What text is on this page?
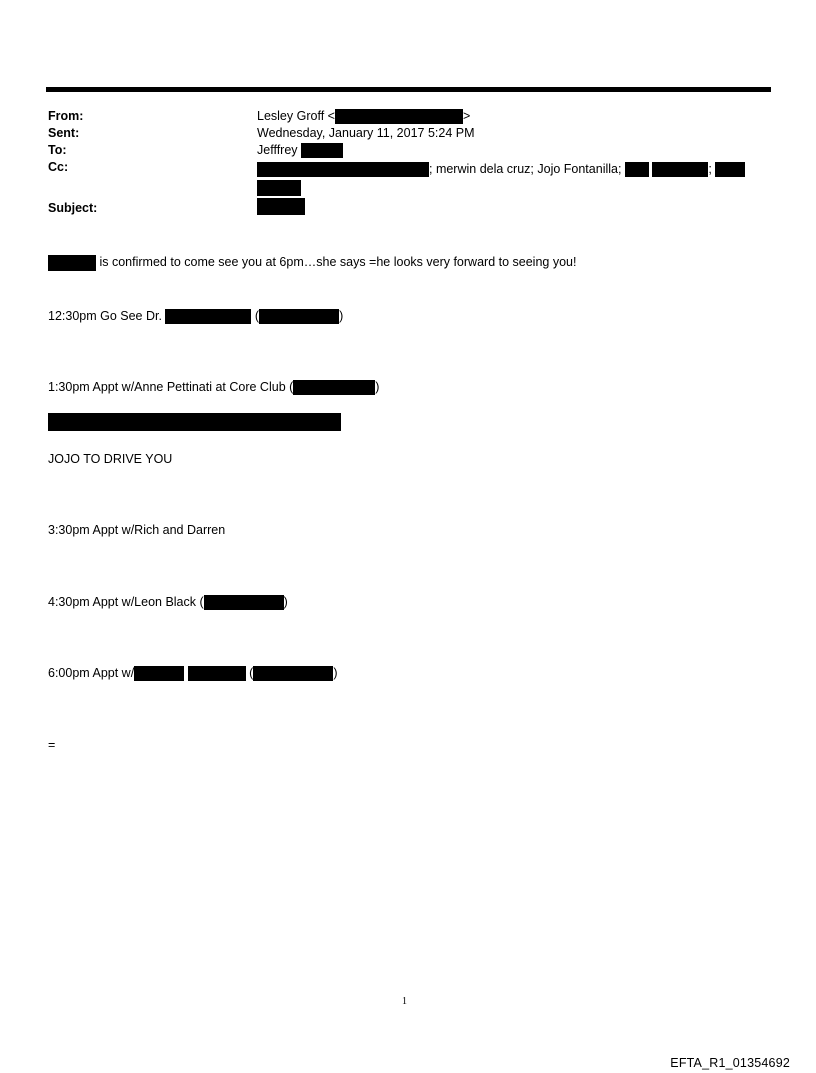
From:	Lesley Groff <	>
Sent:	Wednesday, January 11, 2017 5:24 PM
To:	Jefffrey
Cc:	; merwin dela cruz; Jojo Fontanilla;	;
Subject:
is confirmed to come see you at 6pm…she says =he looks very forward to seeing you!
12:30pm Go See Dr.	(	)
1:30pm Appt w/Anne Pettinati at Core Club (	)
JOJO TO DRIVE YOU
3:30pm Appt w/Rich and Darren
4:30pm Appt w/Leon Black (	)
6:00pm Appt w/	(	)
=
1
EFTA_R1_01354692
